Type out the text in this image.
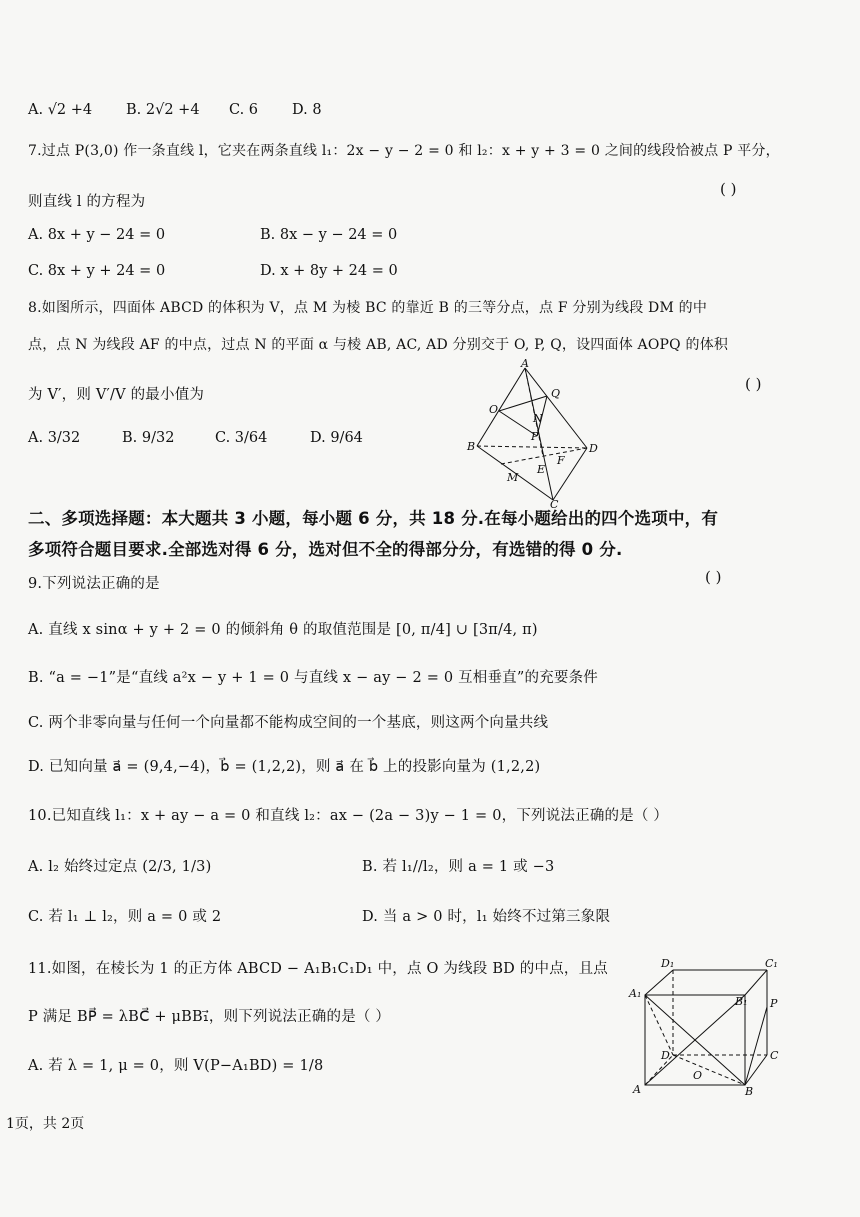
A. √2 +4 B. 2√2 +4 C. 6 D. 8
7.过点 P(3,0) 作一条直线 l，它夹在两条直线 l₁：2x − y − 2 = 0 和 l₂：x + y + 3 = 0 之间的线段恰被点 P 平分，
则直线 l 的方程为
( )
A. 8x + y − 24 = 0	B. 8x − y − 24 = 0
C. 8x + y + 24 = 0	D. x + 8y + 24 = 0
8.如图所示，四面体 ABCD 的体积为 V，点 M 为棱 BC 的靠近 B 的三等分点，点 F 分别为线段 DM 的中
点，点 N 为线段 AF 的中点，过点 N 的平面 α 与棱 AB, AC, AD 分别交于 O, P, Q，设四面体 AOPQ 的体积
为 V′，则 V′/V 的最小值为
( )
A. 3/32	B. 9/32	C. 3/64	D. 9/64
A
O
Q
N
P
B	D
M
E
F
C
二、多项选择题：本大题共 3 小题，每小题 6 分，共 18 分.在每小题给出的四个选项中，有
多项符合题目要求.全部选对得 6 分，选对但不全的得部分分，有选错的得 0 分.
9.下列说法正确的是	( )
A. 直线 x sinα + y + 2 = 0 的倾斜角 θ 的取值范围是 [0, π/4] ∪ [3π/4, π)
B. “a = −1”是“直线 a²x − y + 1 = 0 与直线 x − ay − 2 = 0 互相垂直”的充要条件
C. 两个非零向量与任何一个向量都不能构成空间的一个基底，则这两个向量共线
D. 已知向量 a⃗ = (9,4,−4)，b⃗ = (1,2,2)，则 a⃗ 在 b⃗ 上的投影向量为 (1,2,2)
10.已知直线 l₁：x + ay − a = 0 和直线 l₂：ax − (2a − 3)y − 1 = 0，下列说法正确的是（ ）
A. l₂ 始终过定点 (2/3, 1/3)	B. 若 l₁//l₂，则 a = 1 或 −3
C. 若 l₁ ⊥ l₂，则 a = 0 或 2	D. 当 a > 0 时，l₁ 始终不过第三象限
11.如图，在棱长为 1 的正方体 ABCD − A₁B₁C₁D₁ 中，点 O 为线段 BD 的中点，且点
P 满足 BP⃗ = λBC⃗ + μBB₁⃗，则下列说法正确的是（ ）
A. 若 λ = 1, μ = 0，则 V(P−A₁BD) = 1/8
D₁	C₁
A₁
B₁ P
D	C
O
A	B
1页，共 2页
